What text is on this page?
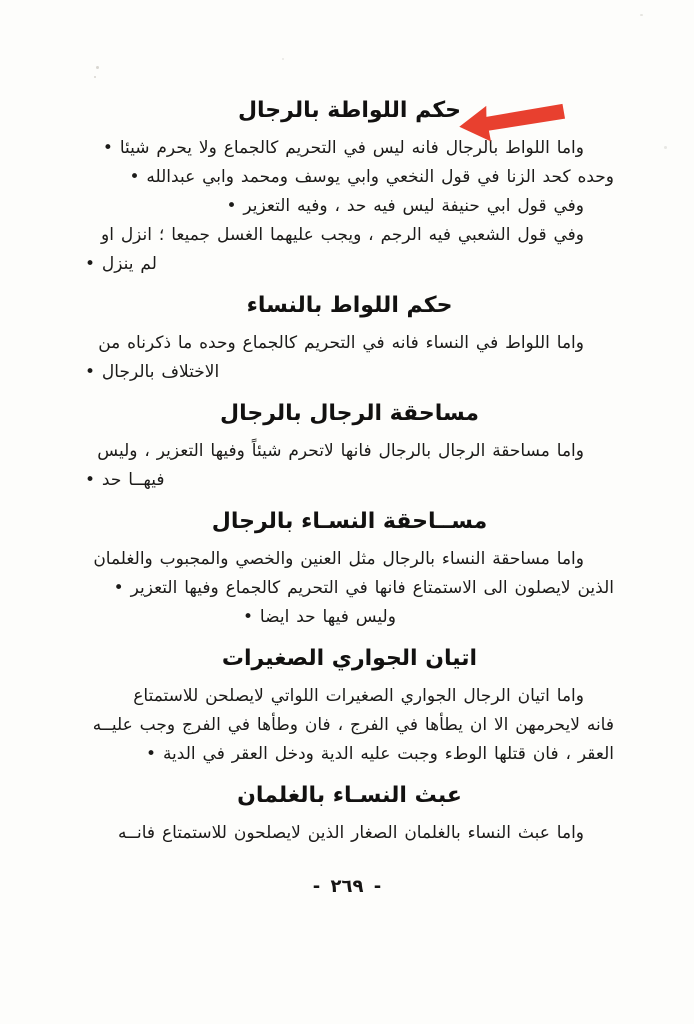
حكم اللواطة بالرجال
واما اللواط بالرجال فانه ليس في التحريم كالجماع ولا يحرم شيئا •
وحده كحد الزنا في قول النخعي وابي يوسف ومحمد وابي عبدالله •
وفي قول ابي حنيفة ليس فيه حد ، وفيه التعزير •
وفي قول الشعبي فيه الرجم ، ويجب عليهما الغسل جميعا ؛ انزل او
لم ينزل •
حكم اللواط بالنساء
واما اللواط في النساء فانه في التحريم كالجماع وحده ما ذكرناه من
الاختلاف بالرجال •
مساحقة الرجال بالرجال
واما مساحقة الرجال بالرجال فانها لاتحرم شيئاً وفيها التعزير ، وليس
فيهــا حد •
مســاحقة النسـاء بالرجال
واما مساحقة النساء بالرجال مثل العنين والخصي والمجبوب والغلمان
الذين لايصلون الى الاستمتاع فانها في التحريم كالجماع وفيها التعزير •
وليس فيها حد ايضا •
اتيان الجواري الصغيرات
واما اتيان الرجال الجواري الصغيرات اللواتي لايصلحن للاستمتاع
فانه لايحرمهن الا ان يطأها في الفرج ، فان وطأها في الفرج وجب عليــه
العقر ، فان قتلها الوطء وجبت عليه الدية ودخل العقر في الدية •
عبث النسـاء بالغلمان
واما عبث النساء بالغلمان الصغار الذين لايصلحون للاستمتاع فانــه
- ٢٦٩ -
